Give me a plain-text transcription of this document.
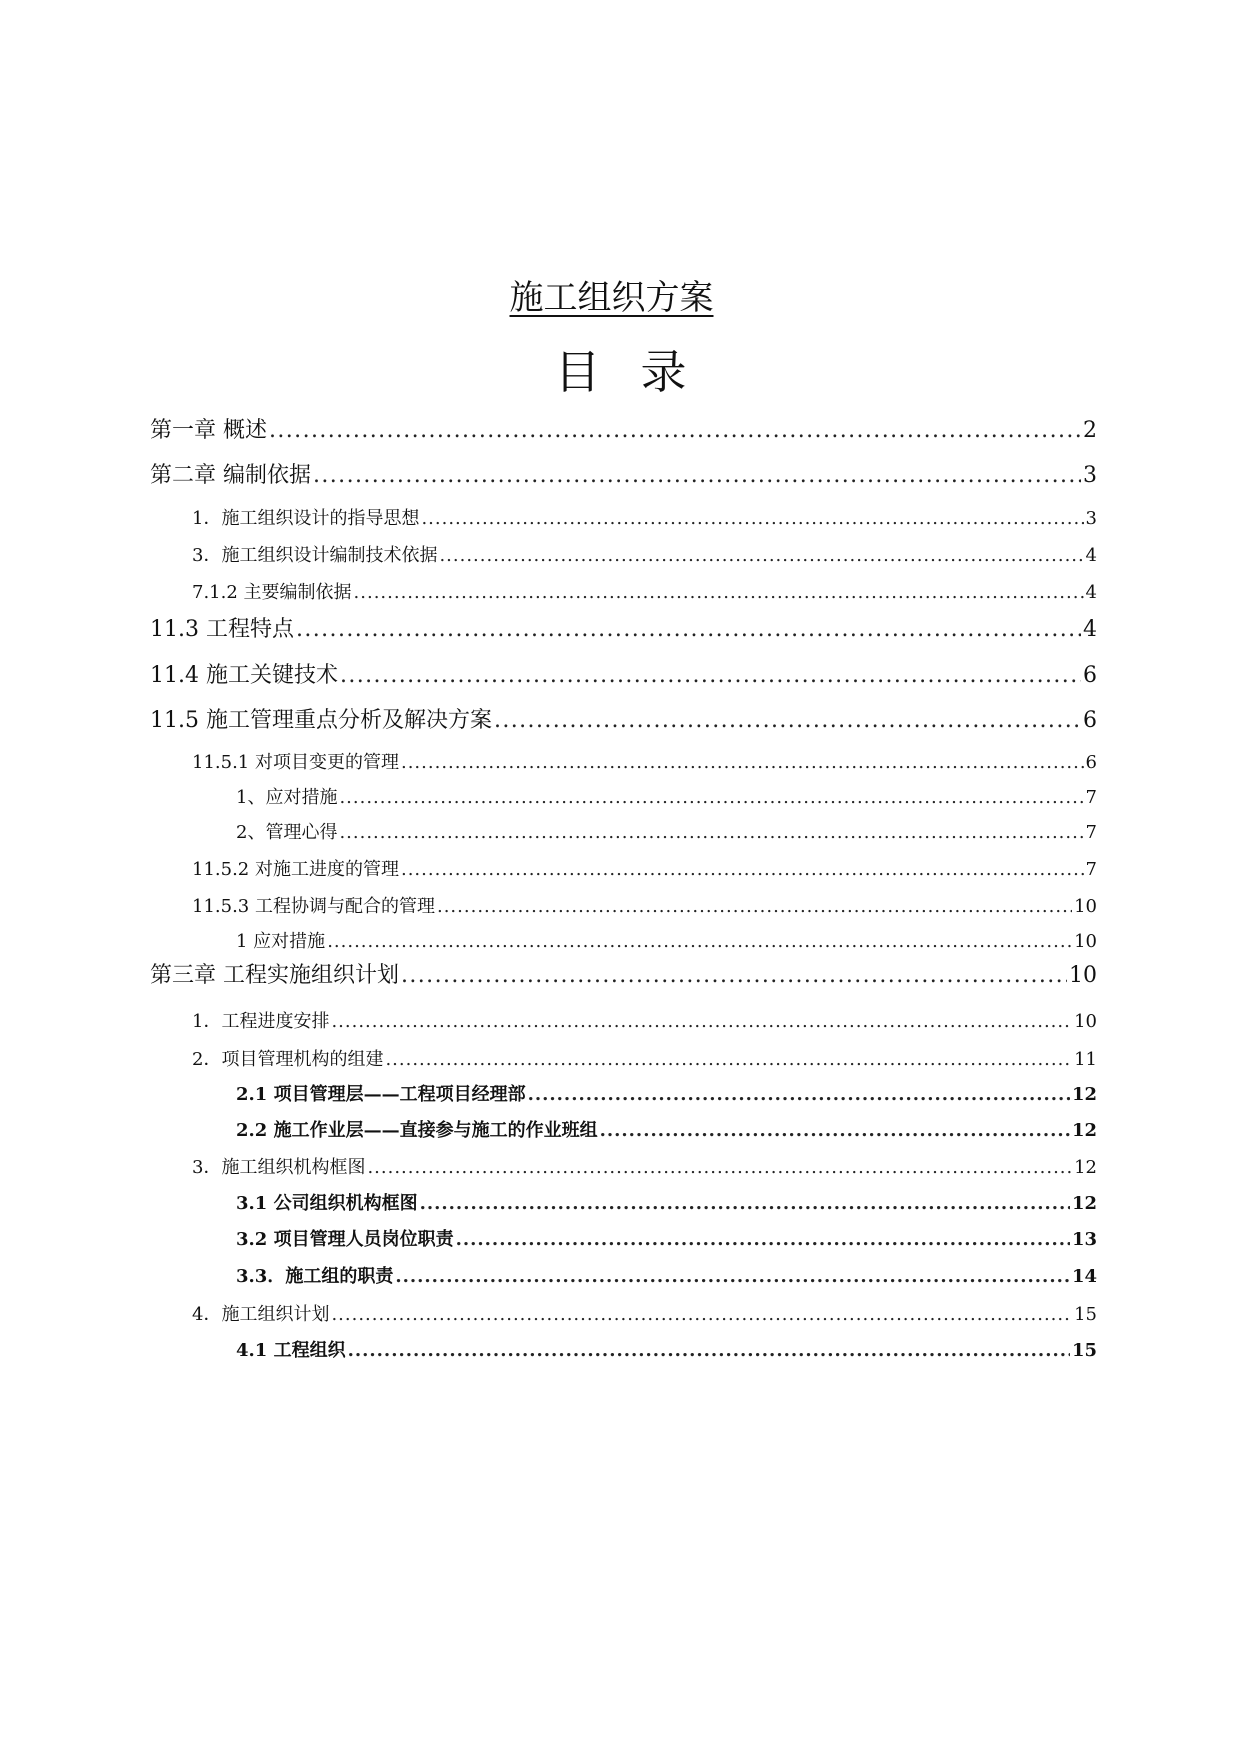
施工组织方案
目录
第一章 概述 .....	2
第二章 编制依据 .....	3
1．施工组织设计的指导思想 .....	3
3．施工组织设计编制技术依据 .....	4
7.1.2 主要编制依据 .....	4
11.3 工程特点 .....	4
11.4 施工关键技术 .....	6
11.5 施工管理重点分析及解决方案 .....	6
11.5.1 对项目变更的管理 .....	6
1、应对措施 .....	7
2、管理心得 .....	7
11.5.2 对施工进度的管理 .....	7
11.5.3 工程协调与配合的管理 .....	10
1 应对措施 .....	10
第三章 工程实施组织计划 .....	10
1．工程进度安排 .....	10
2．项目管理机构的组建 .....	11
2.1 项目管理层——工程项目经理部 .....	12
2.2 施工作业层——直接参与施工的作业班组 .....	12
3．施工组织机构框图 .....	12
3.1 公司组织机构框图 .....	12
3.2 项目管理人员岗位职责 .....	13
3.3．施工组的职责 .....	14
4．施工组织计划 .....	15
4.1 工程组织 .....	15
